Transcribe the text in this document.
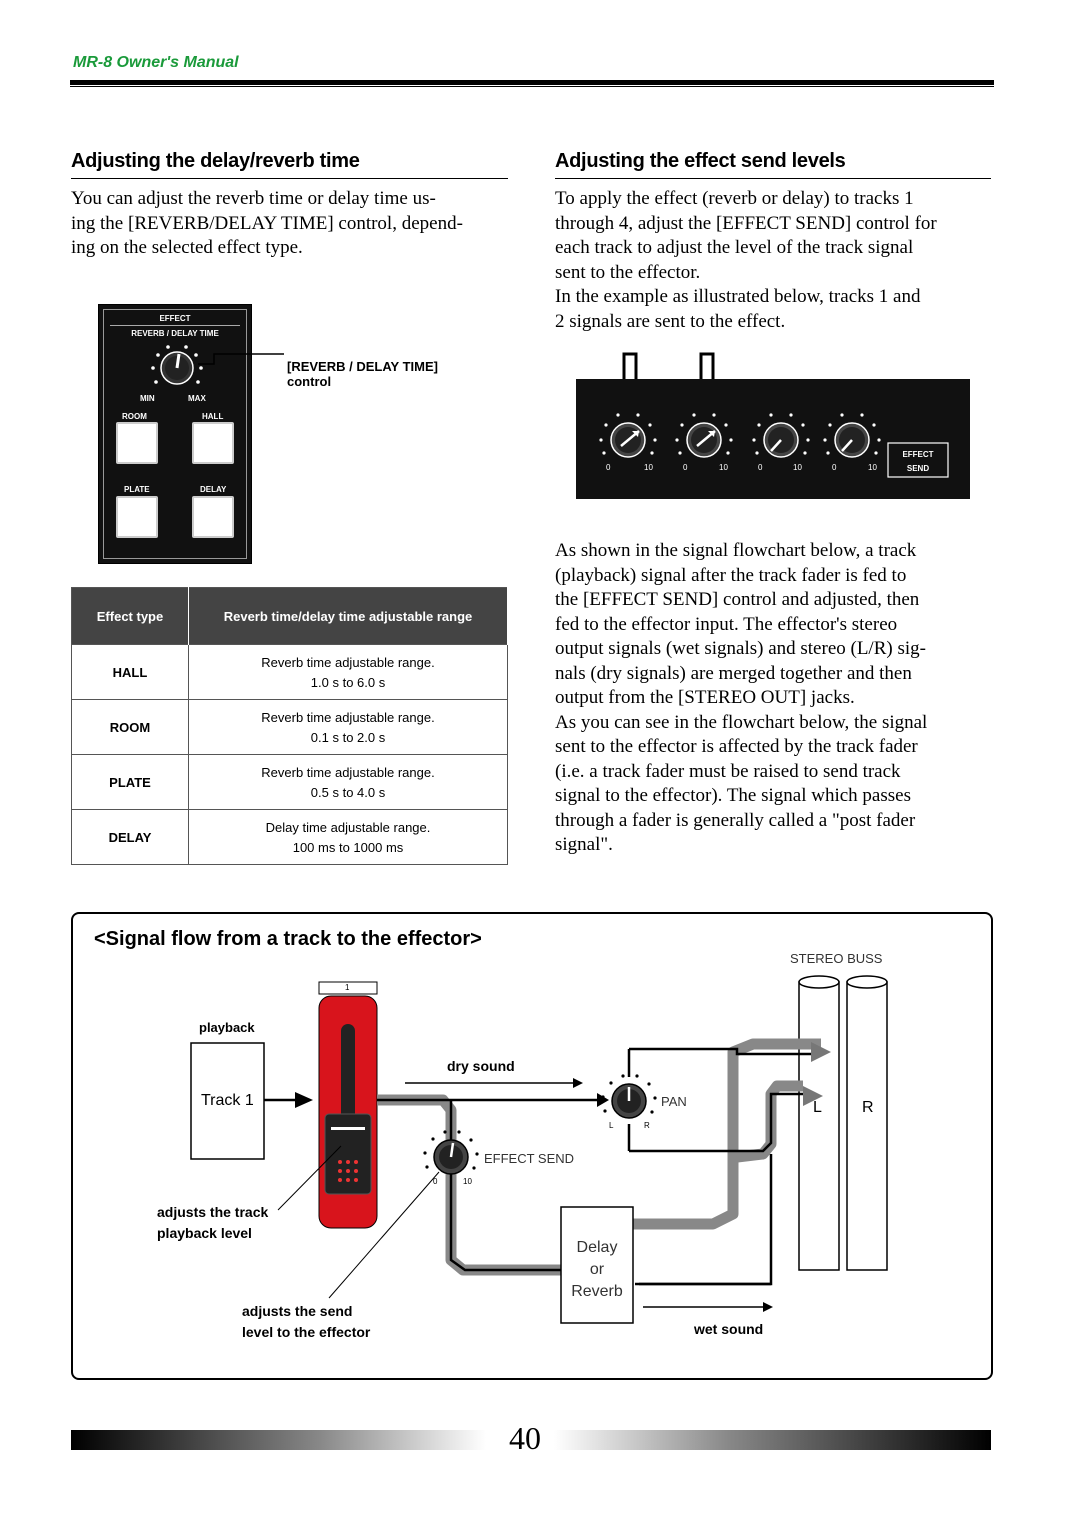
MR-8 Owner's Manual
Adjusting the delay/reverb time
You can adjust the reverb time or delay time us-
ing the [REVERB/DELAY TIME] control, depend-
ing on the selected effect type.
EFFECT
REVERB / DELAY TIME
MIN	MAX
ROOM	HALL
PLATE	DELAY
[REVERB / DELAY TIME]
control
Effect type	Reverb time/delay time adjustable range
HALL	Reverb time adjustable range.
1.0 s to 6.0 s

ROOM	Reverb time adjustable range.
0.1 s to 2.0 s

PLATE	Reverb time adjustable range.
0.5 s to 4.0 s

DELAY	Delay time adjustable range.
100 ms to 1000 ms
Adjusting the effect send levels
To apply the effect (reverb or delay) to tracks 1
through 4, adjust the [EFFECT SEND] control for
each track to adjust the level of the track signal
sent to the effector.
In the example as illustrated below, tracks 1 and
2 signals are sent to the effect.
0	10	0	10	0	10	0	10
EFFECT
SEND
As shown in the signal flowchart below, a track
(playback) signal after the track fader is fed to
the [EFFECT SEND] control and adjusted, then
fed to the effector input. The effector's stereo
output signals (wet signals) and stereo (L/R) sig-
nals (dry signals) are merged together and then
output from the [STEREO OUT] jacks.
As you can see in the flowchart below, the signal
sent to the effector is affected by the track fader
(i.e. a track fader must be raised to send track
signal to the effector). The signal which passes
through a fader is generally called a "post fader
signal".
<Signal flow from a track to the effector>
STEREO BUSS
1
playback
Track 1
dry sound
PAN
L	R
EFFECT SEND
0	10
L	R
adjusts the track
playback level
adjusts the send
level to the effector
Delay
or
Reverb
wet sound
40
